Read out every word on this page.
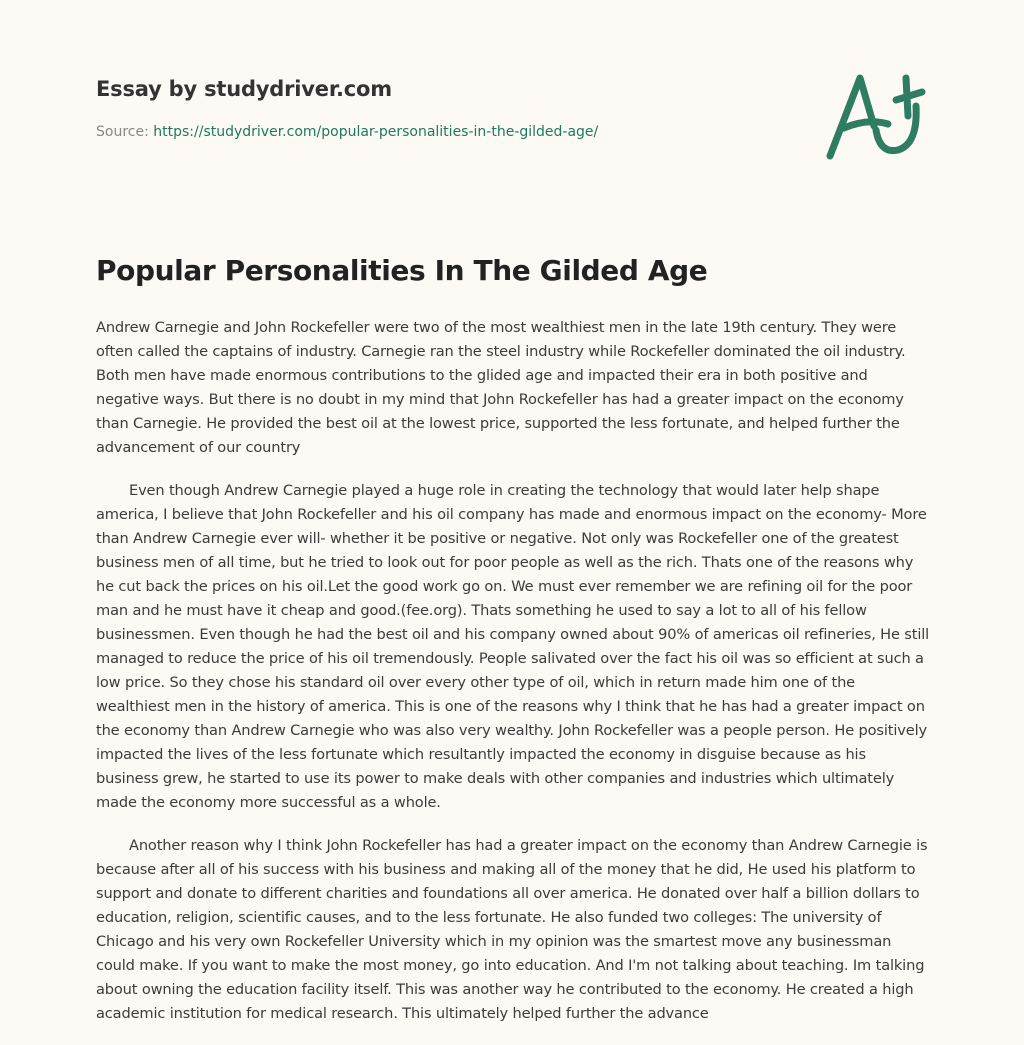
Essay by studydriver.com
Source: https://studydriver.com/popular-personalities-in-the-gilded-age/
Popular Personalities In The Gilded Age

Andrew Carnegie and John Rockefeller were two of the most wealthiest men in the late 19th century. They were often called the captains of industry. Carnegie ran the steel industry while Rockefeller dominated the oil industry. Both men have made enormous contributions to the glided age and impacted their era in both positive and negative ways. But there is no doubt in my mind that John Rockefeller has had a greater impact on the economy than Carnegie. He provided the best oil at the lowest price, supported the less fortunate, and helped further the advancement of our country

Even though Andrew Carnegie played a huge role in creating the technology that would later help shape america, I believe that John Rockefeller and his oil company has made and enormous impact on the economy- More than Andrew Carnegie ever will- whether it be positive or negative. Not only was Rockefeller one of the greatest business men of all time, but he tried to look out for poor people as well as the rich. Thats one of the reasons why he cut back the prices on his oil.Let the good work go on. We must ever remember we are refining oil for the poor man and he must have it cheap and good.(fee.org). Thats something he used to say a lot to all of his fellow businessmen. Even though he had the best oil and his company owned about 90% of americas oil refineries, He still managed to reduce the price of his oil tremendously. People salivated over the fact his oil was so efficient at such a low price. So they chose his standard oil over every other type of oil, which in return made him one of the wealthiest men in the history of america. This is one of the reasons why I think that he has had a greater impact on the economy than Andrew Carnegie who was also very wealthy. John Rockefeller was a people person. He positively impacted the lives of the less fortunate which resultantly impacted the economy in disguise because as his business grew, he started to use its power to make deals with other companies and industries which ultimately made the economy more successful as a whole.

Another reason why I think John Rockefeller has had a greater impact on the economy than Andrew Carnegie is because after all of his success with his business and making all of the money that he did, He used his platform to support and donate to different charities and foundations all over america. He donated over half a billion dollars to education, religion, scientific causes, and to the less fortunate. He also funded two colleges: The university of Chicago and his very own Rockefeller University which in my opinion was the smartest move any businessman could make. If you want to make the most money, go into education. And I'm not talking about teaching. Im talking about owning the education facility itself. This was another way he contributed to the economy. He created a high academic institution for medical research. This ultimately helped further the advance
